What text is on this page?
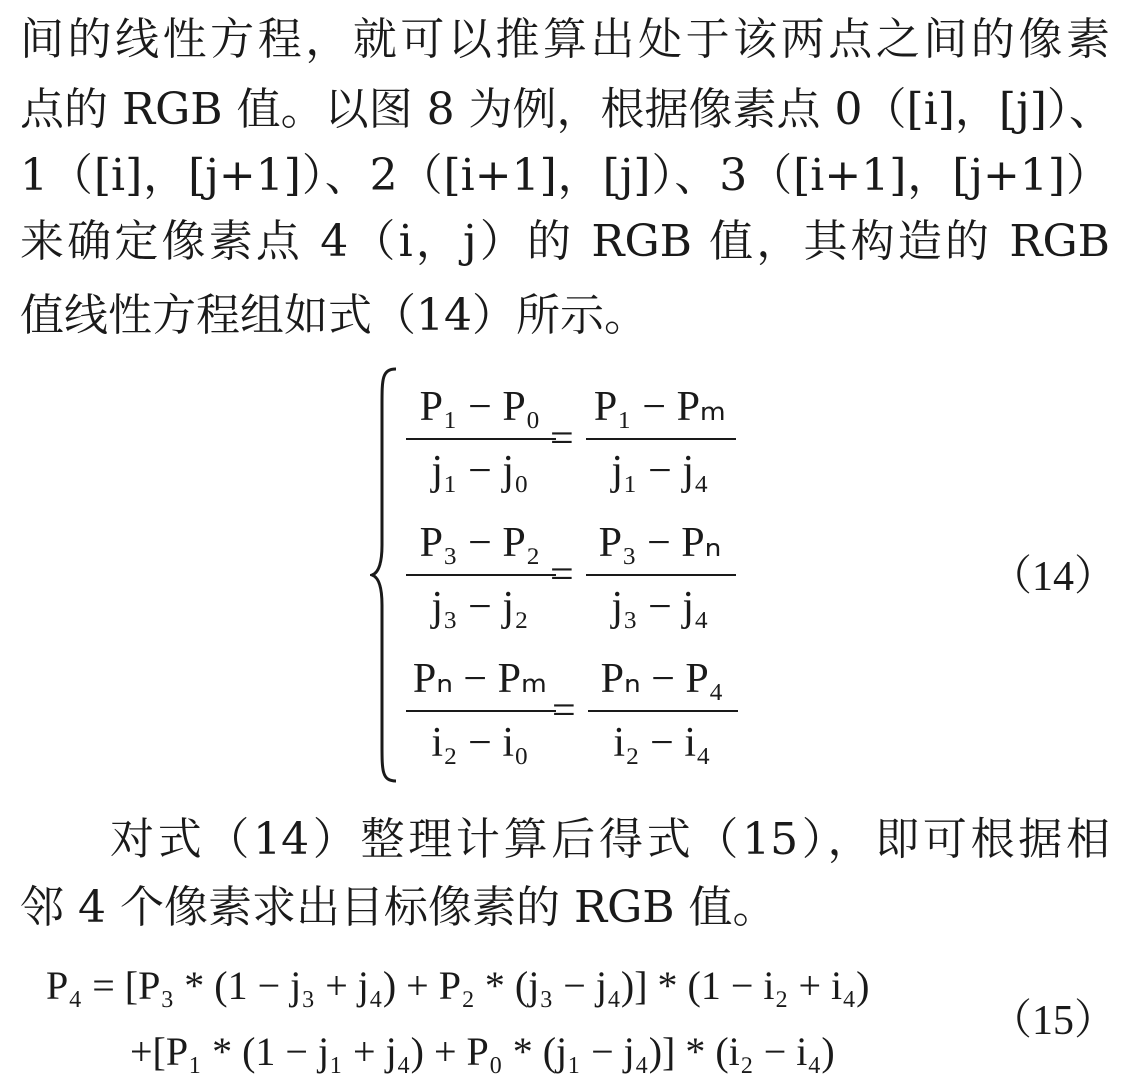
间的线性方程，就可以推算出处于该两点之间的像素
点的 RGB 值。以图 8 为例，根据像素点 0（[i]，[j]）、
1（[i]，[j+1]）、2（[i+1]，[j]）、3（[i+1]，[j+1]）
来确定像素点 4（i，j）的 RGB 值，其构造的 RGB
值线性方程组如式（14）所示。
P₁ − P₀
j₁ − j₀
=
P₁ − Pₘ
j₁ − j₄
P₃ − P₂
j₃ − j₂
=
P₃ − Pₙ
j₃ − j₄
Pₙ − Pₘ
i₂ − i₀
=
Pₙ − P₄
i₂ − i₄
（14）
对式（14）整理计算后得式（15），即可根据相
邻 4 个像素求出目标像素的 RGB 值。
P₄ = [P₃ * (1 − j₃ + j₄) + P₂ * (j₃ − j₄)] * (1 − i₂ + i₄)
+[P₁ * (1 − j₁ + j₄) + P₀ * (j₁ − j₄)] * (i₂ − i₄)
（15）
